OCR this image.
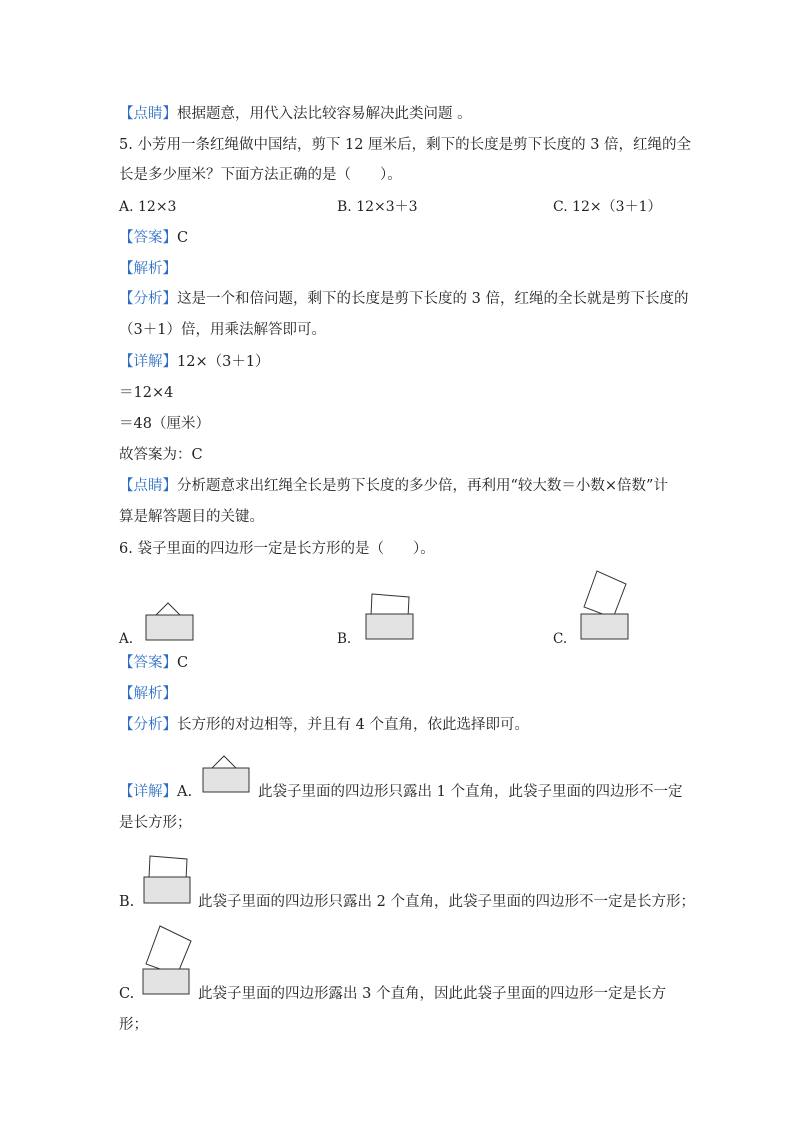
【点睛】根据题意，用代入法比较容易解决此类问题 。
5. 小芳用一条红绳做中国结，剪下 12 厘米后，剩下的长度是剪下长度的 3 倍，红绳的全
长是多少厘米？下面方法正确的是（　　）。
A. 12×3	B. 12×3＋3	C. 12×（3＋1）
【答案】C
【解析】
【分析】这是一个和倍问题，剩下的长度是剪下长度的 3 倍，红绳的全长就是剪下长度的
（3＋1）倍，用乘法解答即可。
【详解】12×（3＋1）
＝12×4
＝48（厘米）
故答案为：C
【点睛】分析题意求出红绳全长是剪下长度的多少倍，再利用“较大数＝小数×倍数”计
算是解答题目的关键。
6. 袋子里面的四边形一定是长方形的是（　　）。
A.	B.	C.
【答案】C
【解析】
【分析】长方形的对边相等，并且有 4 个直角，依此选择即可。
【详解】A.	此袋子里面的四边形只露出 1 个直角，此袋子里面的四边形不一定
是长方形；
B.	此袋子里面的四边形只露出 2 个直角，此袋子里面的四边形不一定是长方形；
C.	此袋子里面的四边形露出 3 个直角，因此此袋子里面的四边形一定是长方
形；
